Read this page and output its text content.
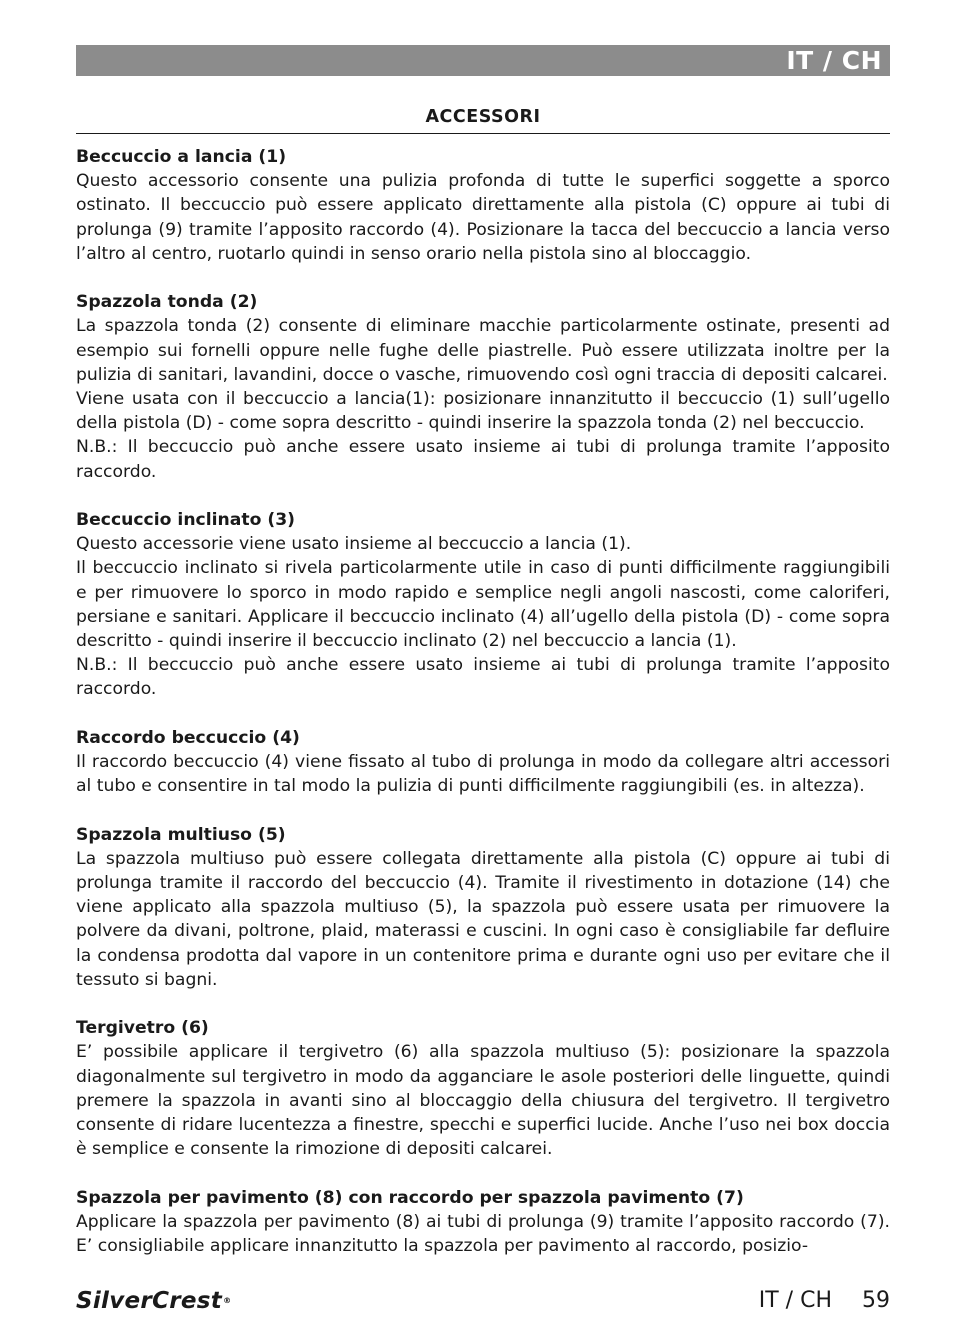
IT / CH
ACCESSORI
Beccuccio a lancia (1)

Questo accessorio consente una pulizia profonda di tutte le superfici soggette a sporco ostinato. Il beccuccio può essere applicato direttamente alla pistola (C) oppure ai tubi di prolunga (9) tramite l’apposito raccordo (4). Posizionare la tacca del beccuccio a lancia verso l’altro al centro, ruotarlo quindi in senso orario nella pistola sino al bloccaggio.

Spazzola tonda (2)

La spazzola tonda (2) consente di eliminare macchie particolarmente ostinate, presenti ad esempio sui fornelli oppure nelle fughe delle piastrelle. Può essere utilizzata inoltre per la pulizia di sanitari, lavandini, docce o vasche, rimuovendo così ogni traccia di depositi calcarei.

Viene usata con il beccuccio a lancia(1): posizionare innanzitutto il beccuccio (1) sull’ugello della pistola (D) - come sopra descritto - quindi inserire la spazzola tonda (2) nel beccuccio.

N.B.: Il beccuccio può anche essere usato insieme ai tubi di prolunga tramite l’apposito raccordo.

Beccuccio inclinato (3)

Questo accessorie viene usato insieme al beccuccio a lancia (1).

Il beccuccio inclinato si rivela particolarmente utile in caso di punti difficilmente raggiungibili e per rimuovere lo sporco in modo rapido e semplice negli angoli nascosti, come caloriferi, persiane e sanitari. Applicare il beccuccio inclinato (4) all’ugello della pistola (D) - come sopra descritto - quindi inserire il beccuccio inclinato (2) nel beccuccio a lancia (1).

N.B.: Il beccuccio può anche essere usato insieme ai tubi di prolunga tramite l’apposito raccordo.

Raccordo beccuccio (4)

Il raccordo beccuccio (4) viene fissato al tubo di prolunga in modo da collegare altri accessori al tubo e consentire in tal modo la pulizia di punti difficilmente raggiungibili (es. in altezza).

Spazzola multiuso (5)

La spazzola multiuso può essere collegata direttamente alla pistola (C) oppure ai tubi di prolunga tramite il raccordo del beccuccio (4). Tramite il rivestimento in dotazione (14) che viene applicato alla spazzola multiuso (5), la spazzola può essere usata per rimuovere la polvere da divani, poltrone, plaid, materassi e cuscini. In ogni caso è consigliabile far defluire la condensa prodotta dal vapore in un contenitore prima e durante ogni uso per evitare che il tessuto si bagni.

Tergivetro (6)

E’ possibile applicare il tergivetro (6) alla spazzola multiuso (5): posizionare la spazzola diagonalmente sul tergivetro in modo da agganciare le asole posteriori delle linguette, quindi premere la spazzola in avanti sino al bloccaggio della chiusura del tergivetro. Il tergivetro consente di ridare lucentezza a finestre, specchi e superfici lucide. Anche l’uso nei box doccia è semplice e consente la rimozione di depositi calcarei.

Spazzola per pavimento (8) con raccordo per spazzola pavimento (7)

Applicare la spazzola per pavimento (8) ai tubi di prolunga (9) tramite l’apposito raccordo (7). E’ consigliabile applicare innanzitutto la spazzola per pavimento al raccordo, posizio-

SilverCrest®	IT / CH 59
